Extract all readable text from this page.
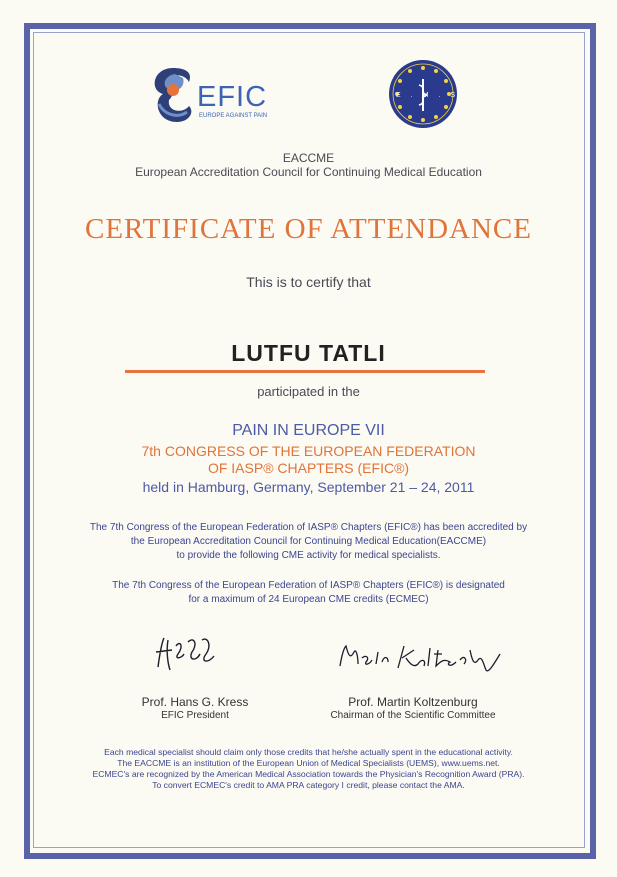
EFIC
EUROPE AGAINST PAIN
U.E.M.S.
EACCME
European Accreditation Council for Continuing Medical Education
CERTIFICATE OF ATTENDANCE
This is to certify that
LUTFU TATLI
participated in the
PAIN IN EUROPE VII
7th CONGRESS OF THE EUROPEAN FEDERATION
OF IASP® CHAPTERS (EFIC®)
held in Hamburg, Germany, September 21 – 24, 2011
The 7th Congress of the European Federation of IASP® Chapters (EFIC®) has been accredited by
the European Accreditation Council for Continuing Medical Education(EACCME)
to provide the following CME activity for medical specialists.
The 7th Congress of the European Federation of IASP® Chapters (EFIC®) is designated
for a maximum of 24 European CME credits (ECMEC)
Prof. Hans G. Kress
EFIC President
Prof. Martin Koltzenburg
Chairman of the Scientific Committee
Each medical specialist should claim only those credits that he/she actually spent in the educational activity.
The EACCME is an institution of the European Union of Medical Specialists (UEMS), www.uems.net.
ECMEC's are recognized by the American Medical Association towards the Physician's Recognition Award (PRA).
To convert ECMEC's credit to AMA PRA category I credit, please contact the AMA.
